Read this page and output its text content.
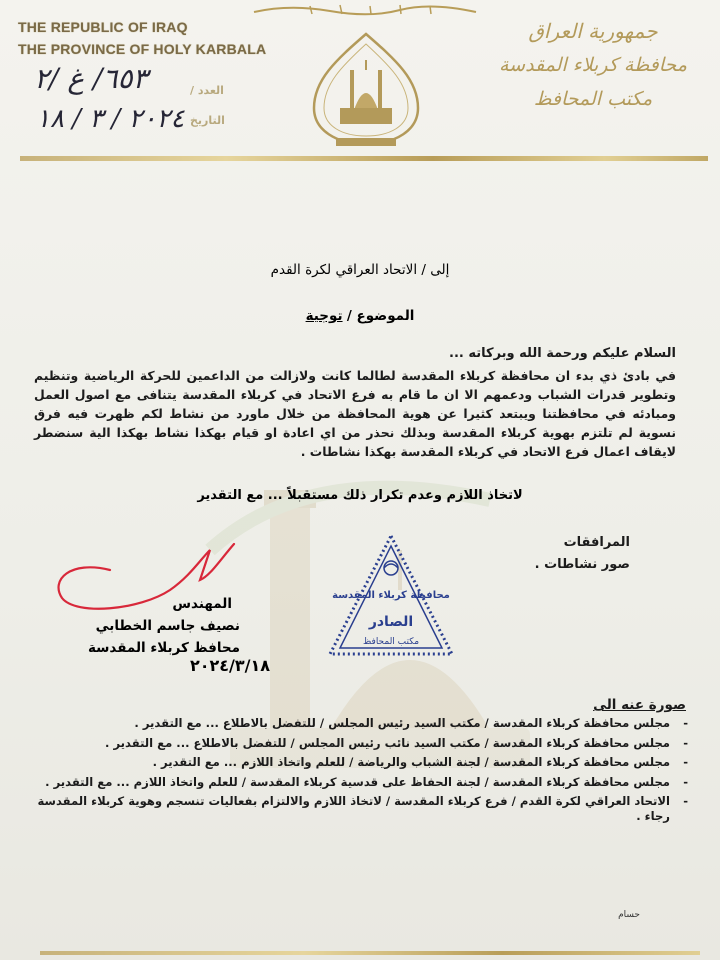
THE REPUBLIC OF IRAQ
THE PROVINCE OF HOLY KARBALA
جمهورية العراق
محافظة كربلاء المقدسة
مكتب المحافظ
العدد /
التاريخ
٦٥٣/ غ /٢
٢٠٢٤ / ٣ / ١٨
إلى / الاتحاد العراقي لكرة القدم
الموضوع / توجية
السلام عليكم ورحمة الله وبركاته ...
في بادئ ذي بدء ان محافظة كربلاء المقدسة لطالما كانت ولازالت من الداعمين للحركة الرياضية وتنظيم وتطوير قدرات الشباب ودعمهم الا ان ما قام به فرع الاتحاد في كربلاء المقدسة يتنافى مع اصول العمل ومبادئه في محافظتنا ويبتعد كثيرا عن هوية المحافظة من خلال ماورد من نشاط لكم ظهرت فيه فرق نسوية لم تلتزم بهوية كربلاء المقدسة وبذلك نحذر من اي اعادة او قيام بهكذا نشاط بهكذا الية سنضطر لايقاف اعمال فرع الاتحاد في كربلاء المقدسة بهكذا نشاطات .
لاتخاذ اللازم وعدم تكرار ذلك مستقبلاً ... مع التقدير
المرافقات
صور نشاطات .
المهندس
نصيف جاسم الخطابي
محافظ كربلاء المقدسة
٢٠٢٤/٣/١٨
محافظة كربلاء المقدسة
الصادر
مكتب المحافظ
صورة عنه الى
- مجلس محافظة كربلاء المقدسة / مكتب السيد رئيس المجلس / للتفضل بالاطلاع ... مع التقدير .
- مجلس محافظة كربلاء المقدسة / مكتب السيد نائب رئيس المجلس / للتفضل بالاطلاع ... مع التقدير .
- مجلس محافظة كربلاء المقدسة / لجنة الشباب والرياضة / للعلم واتخاذ اللازم ... مع التقدير .
- مجلس محافظة كربلاء المقدسة / لجنة الحفاظ على قدسية كربلاء المقدسة / للعلم واتخاذ اللازم ... مع التقدير .
- الاتحاد العراقي لكرة القدم / فرع كربلاء المقدسة / لاتخاذ اللازم والالتزام بفعاليات تنسجم وهوية كربلاء المقدسة رجاء .
حسام
